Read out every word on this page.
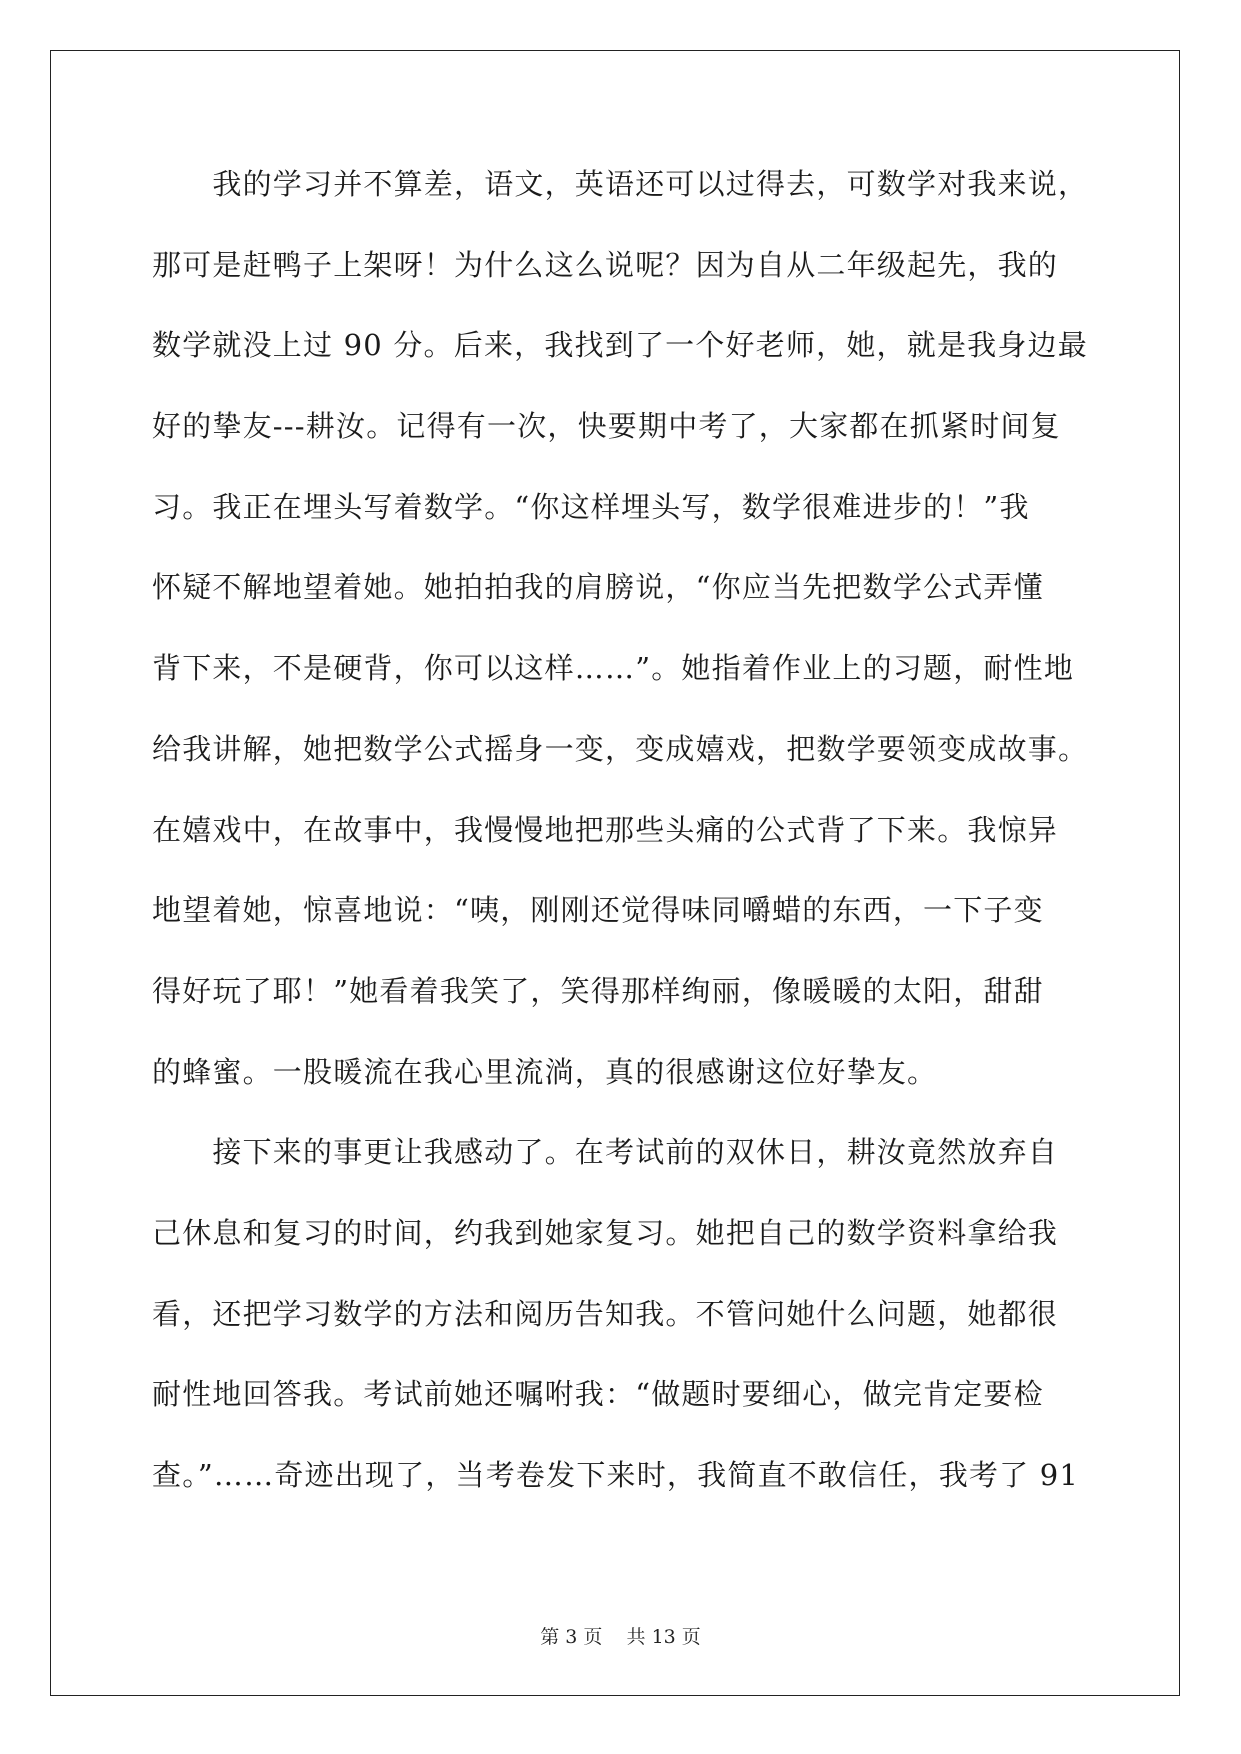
　　我的学习并不算差，语文，英语还可以过得去，可数学对我来说，
那可是赶鸭子上架呀！为什么这么说呢？因为自从二年级起先，我的
数学就没上过 90 分。后来，我找到了一个好老师，她，就是我身边最
好的挚友---耕汝。记得有一次，快要期中考了，大家都在抓紧时间复
习。我正在埋头写着数学。“你这样埋头写，数学很难进步的！”我
怀疑不解地望着她。她拍拍我的肩膀说，“你应当先把数学公式弄懂
背下来，不是硬背，你可以这样……”。她指着作业上的习题，耐性地
给我讲解，她把数学公式摇身一变，变成嬉戏，把数学要领变成故事。
在嬉戏中，在故事中，我慢慢地把那些头痛的公式背了下来。我惊异
地望着她，惊喜地说：“咦，刚刚还觉得味同嚼蜡的东西，一下子变
得好玩了耶！”她看着我笑了，笑得那样绚丽，像暖暖的太阳，甜甜
的蜂蜜。一股暖流在我心里流淌，真的很感谢这位好挚友。
　　接下来的事更让我感动了。在考试前的双休日，耕汝竟然放弃自
己休息和复习的时间，约我到她家复习。她把自己的数学资料拿给我
看，还把学习数学的方法和阅历告知我。不管问她什么问题，她都很
耐性地回答我。考试前她还嘱咐我：“做题时要细心，做完肯定要检
查。”……奇迹出现了，当考卷发下来时，我简直不敢信任，我考了 91
第 3 页    共 13 页
